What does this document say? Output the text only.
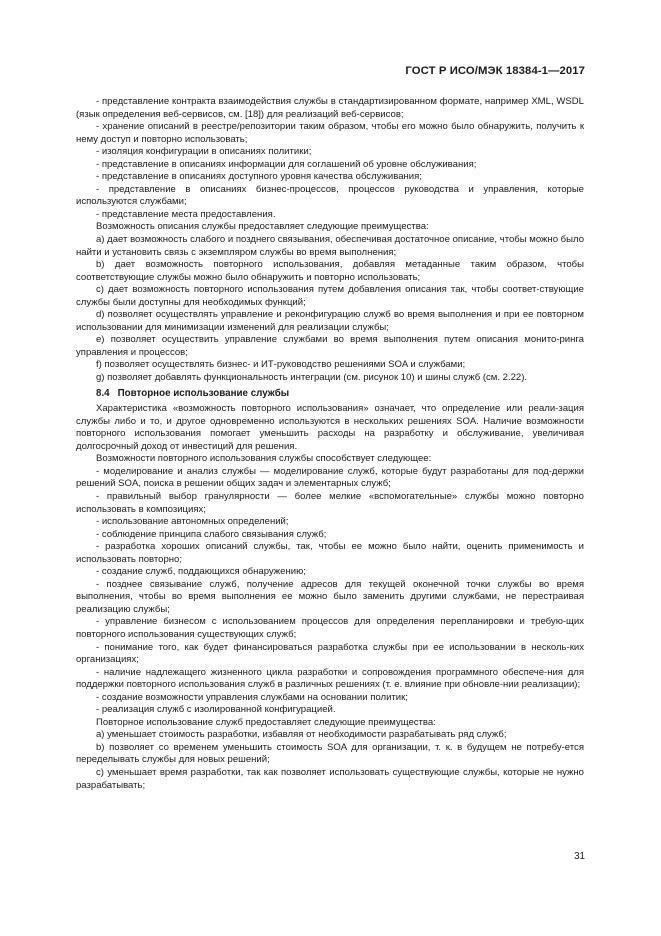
ГОСТ Р ИСО/МЭК 18384-1—2017

- представление контракта взаимодействия службы в стандартизированном формате, например XML, WSDL (язык определения веб-сервисов, см. [18]) для реализаций веб-сервисов;

- хранение описаний в реестре/репозитории таким образом, чтобы его можно было обнаружить, получить к нему доступ и повторно использовать;

- изоляция конфигурации в описаниях политики;

- представление в описаниях информации для соглашений об уровне обслуживания;

- представление в описаниях доступного уровня качества обслуживания;

- представление в описаниях бизнес-процессов, процессов руководства и управления, которые используются службами;

- представление места предоставления.

Возможность описания службы предоставляет следующие преимущества:

a) дает возможность слабого и позднего связывания, обеспечивая достаточное описание, чтобы можно было найти и установить связь с экземпляром службы во время выполнения;

b) дает возможность повторного использования, добавляя метаданные таким образом, чтобы соответствующие службы можно было обнаружить и повторно использовать;

c) дает возможность повторного использования путем добавления описания так, чтобы соответ-ствующие службы были доступны для необходимых функций;

d) позволяет осуществлять управление и реконфигурацию служб во время выполнения и при ее повторном использовании для минимизации изменений для реализации службы;

e) позволяет осуществить управление службами во время выполнения путем описания монито-ринга управления и процессов;

f) позволяет осуществлять бизнес- и ИТ-руководство решениями SOA и службами;

g) позволяет добавлять функциональность интеграции (см. рисунок 10) и шины служб (см. 2.22).

8.4 Повторное использование службы

Характеристика «возможность повторного использования» означает, что определение или реали-зация службы либо и то, и другое одновременно используются в нескольких решениях SOA. Наличие возможности повторного использования помогает уменьшить расходы на разработку и обслуживание, увеличивая долгосрочный доход от инвестиций для решения.

Возможности повторного использования службы способствует следующее:

- моделирование и анализ службы — моделирование служб, которые будут разработаны для под-держки решений SOA, поиска в решении общих задач и элементарных служб;

- правильный выбор гранулярности — более мелкие «вспомогательные» службы можно повторно использовать в композициях;

- использование автономных определений;

- соблюдение принципа слабого связывания служб;

- разработка хороших описаний службы, так, чтобы ее можно было найти, оценить применимость и использовать повторно;

- создание служб, поддающихся обнаружению;

- позднее связывание служб, получение адресов для текущей оконечной точки службы во время выполнения, чтобы во время выполнения ее можно было заменить другими службами, не перестраивая реализацию службы;

- управление бизнесом с использованием процессов для определения перепланировки и требую-щих повторного использования существующих служб;

- понимание того, как будет финансироваться разработка службы при ее использовании в несколь-ких организациях;

- наличие надлежащего жизненного цикла разработки и сопровождения программного обеспече-ния для поддержки повторного использования служб в различных решениях (т. е. влияние при обновле-нии реализации);

- создание возможности управления службами на основании политик;

- реализация служб с изолированной конфигурацией.

Повторное использование служб предоставляет следующие преимущества:

a) уменьшает стоимость разработки, избавляя от необходимости разрабатывать ряд служб;

b) позволяет со временем уменьшить стоимость SOA для организации, т. к. в будущем не потребу-ется переделывать службы для новых решений;

c) уменьшает время разработки, так как позволяет использовать существующие службы, которые не нужно разрабатывать;

31
